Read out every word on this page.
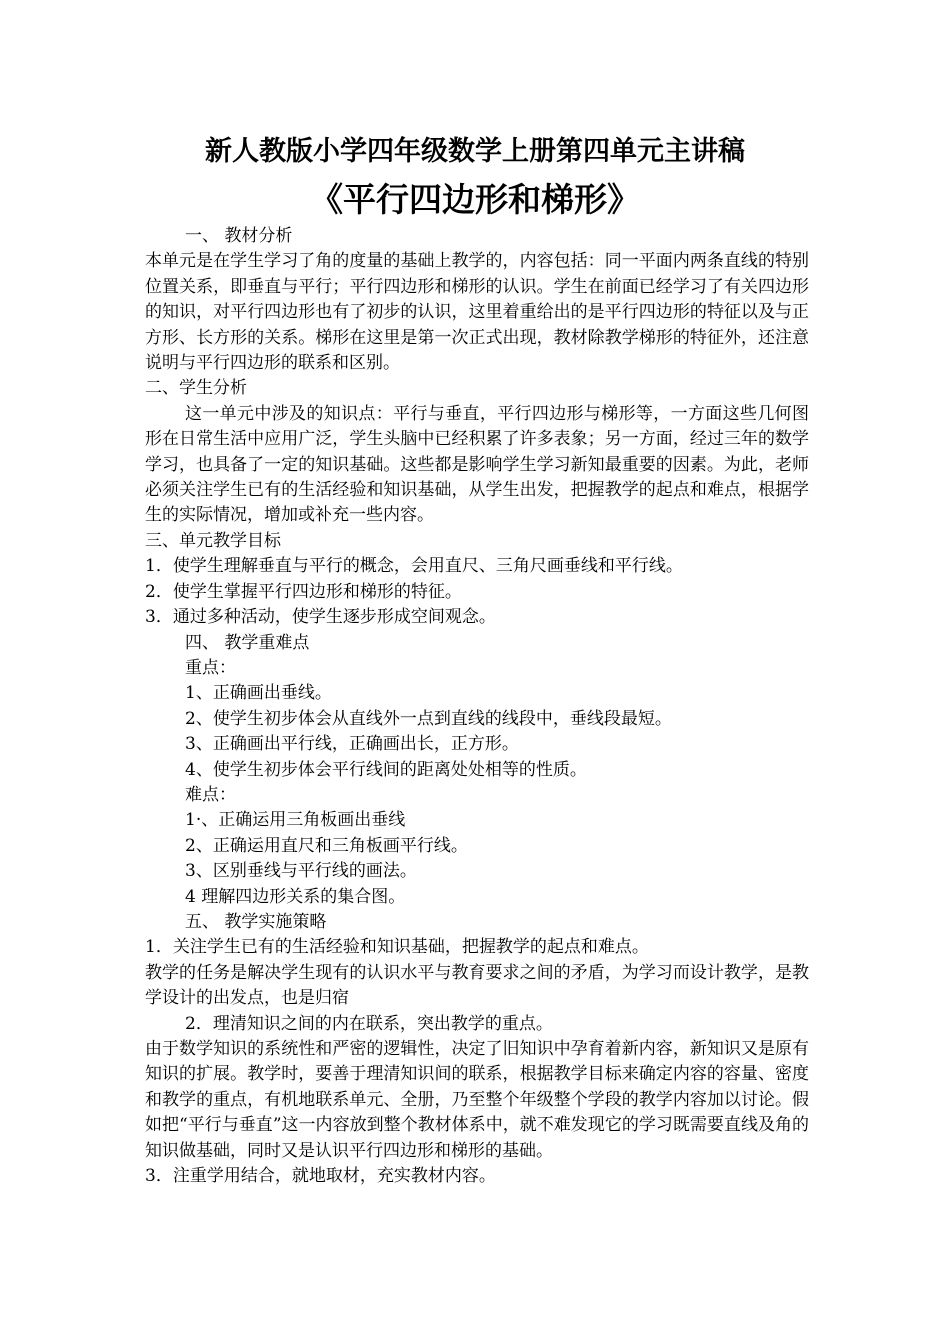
新人教版小学四年级数学上册第四单元主讲稿
《平行四边形和梯形》

一、 教材分析

本单元是在学生学习了角的度量的基础上教学的，内容包括：同一平面内两条直线的特别位置关系，即垂直与平行；平行四边形和梯形的认识。学生在前面已经学习了有关四边形的知识，对平行四边形也有了初步的认识，这里着重给出的是平行四边形的特征以及与正方形、长方形的关系。梯形在这里是第一次正式出现，教材除教学梯形的特征外，还注意说明与平行四边形的联系和区别。

二、学生分析

这一单元中涉及的知识点：平行与垂直，平行四边形与梯形等，一方面这些几何图形在日常生活中应用广泛，学生头脑中已经积累了许多表象；另一方面，经过三年的数学学习，也具备了一定的知识基础。这些都是影响学生学习新知最重要的因素。为此，老师必须关注学生已有的生活经验和知识基础，从学生出发，把握教学的起点和难点，根据学生的实际情况，增加或补充一些内容。

三、单元教学目标

1．使学生理解垂直与平行的概念，会用直尺、三角尺画垂线和平行线。

2．使学生掌握平行四边形和梯形的特征。

3．通过多种活动，使学生逐步形成空间观念。

四、 教学重难点

重点：

1、正确画出垂线。

2、使学生初步体会从直线外一点到直线的线段中，垂线段最短。

3、正确画出平行线，正确画出长，正方形。

4、使学生初步体会平行线间的距离处处相等的性质。

难点：

1·、正确运用三角板画出垂线

2、正确运用直尺和三角板画平行线。

3、区别垂线与平行线的画法。

4 理解四边形关系的集合图。

五、 教学实施策略

1．关注学生已有的生活经验和知识基础，把握教学的起点和难点。

教学的任务是解决学生现有的认识水平与教育要求之间的矛盾，为学习而设计教学，是教学设计的出发点，也是归宿

2．理清知识之间的内在联系，突出教学的重点。

由于数学知识的系统性和严密的逻辑性，决定了旧知识中孕育着新内容，新知识又是原有知识的扩展。教学时，要善于理清知识间的联系，根据教学目标来确定内容的容量、密度和教学的重点，有机地联系单元、全册，乃至整个年级整个学段的教学内容加以讨论。假如把“平行与垂直”这一内容放到整个教材体系中，就不难发现它的学习既需要直线及角的知识做基础，同时又是认识平行四边形和梯形的基础。

3．注重学用结合，就地取材，充实教材内容。
